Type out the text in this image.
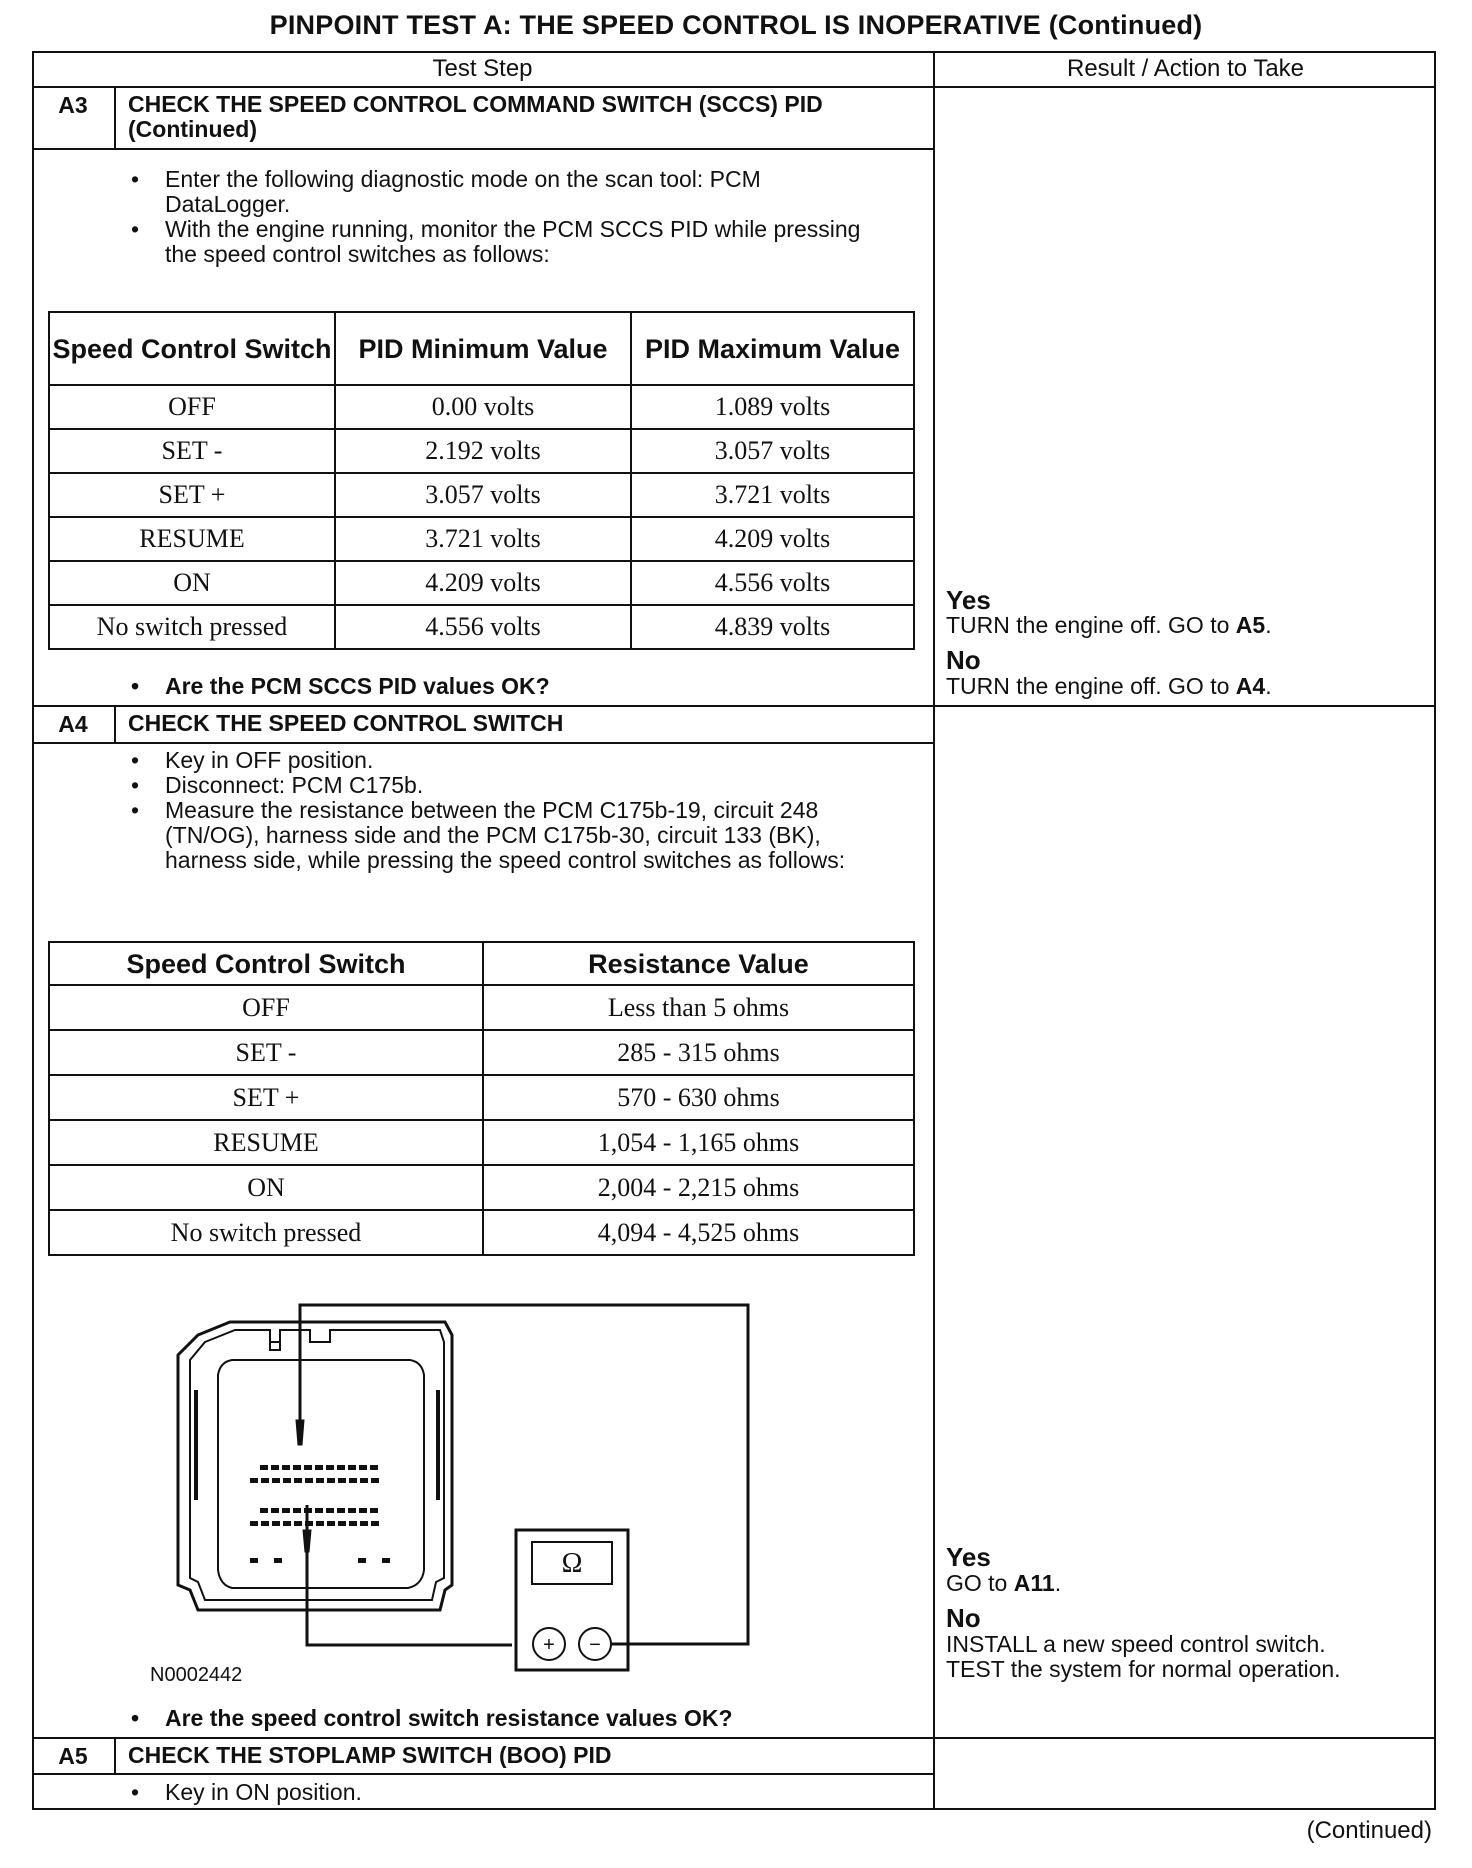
PINPOINT TEST A: THE SPEED CONTROL IS INOPERATIVE (Continued)
Test Step	Result / Action to Take
A3	CHECK THE SPEED CONTROL COMMAND SWITCH (SCCS) PID (Continued)
• Enter the following diagnostic mode on the scan tool: PCM DataLogger.
• With the engine running, monitor the PCM SCCS PID while pressing the speed control switches as follows:
Speed Control Switch	PID Minimum Value	PID Maximum Value
OFF	0.00 volts	1.089 volts
SET -	2.192 volts	3.057 volts
SET +	3.057 volts	3.721 volts
RESUME	3.721 volts	4.209 volts
ON	4.209 volts	4.556 volts
No switch pressed	4.556 volts	4.839 volts
• Are the PCM SCCS PID values OK?
Yes
TURN the engine off. GO to A5.
No
TURN the engine off. GO to A4.
A4	CHECK THE SPEED CONTROL SWITCH
• Key in OFF position.
• Disconnect: PCM C175b.
• Measure the resistance between the PCM C175b-19, circuit 248 (TN/OG), harness side and the PCM C175b-30, circuit 133 (BK), harness side, while pressing the speed control switches as follows:
Speed Control Switch	Resistance Value
OFF	Less than 5 ohms
SET -	285 - 315 ohms
SET +	570 - 630 ohms
RESUME	1,054 - 1,165 ohms
ON	2,004 - 2,215 ohms
No switch pressed	4,094 - 4,525 ohms
Ω
+ −
N0002442
• Are the speed control switch resistance values OK?
Yes
GO to A11.
No
INSTALL a new speed control switch.
TEST the system for normal operation.
A5	CHECK THE STOPLAMP SWITCH (BOO) PID
• Key in ON position.
(Continued)
